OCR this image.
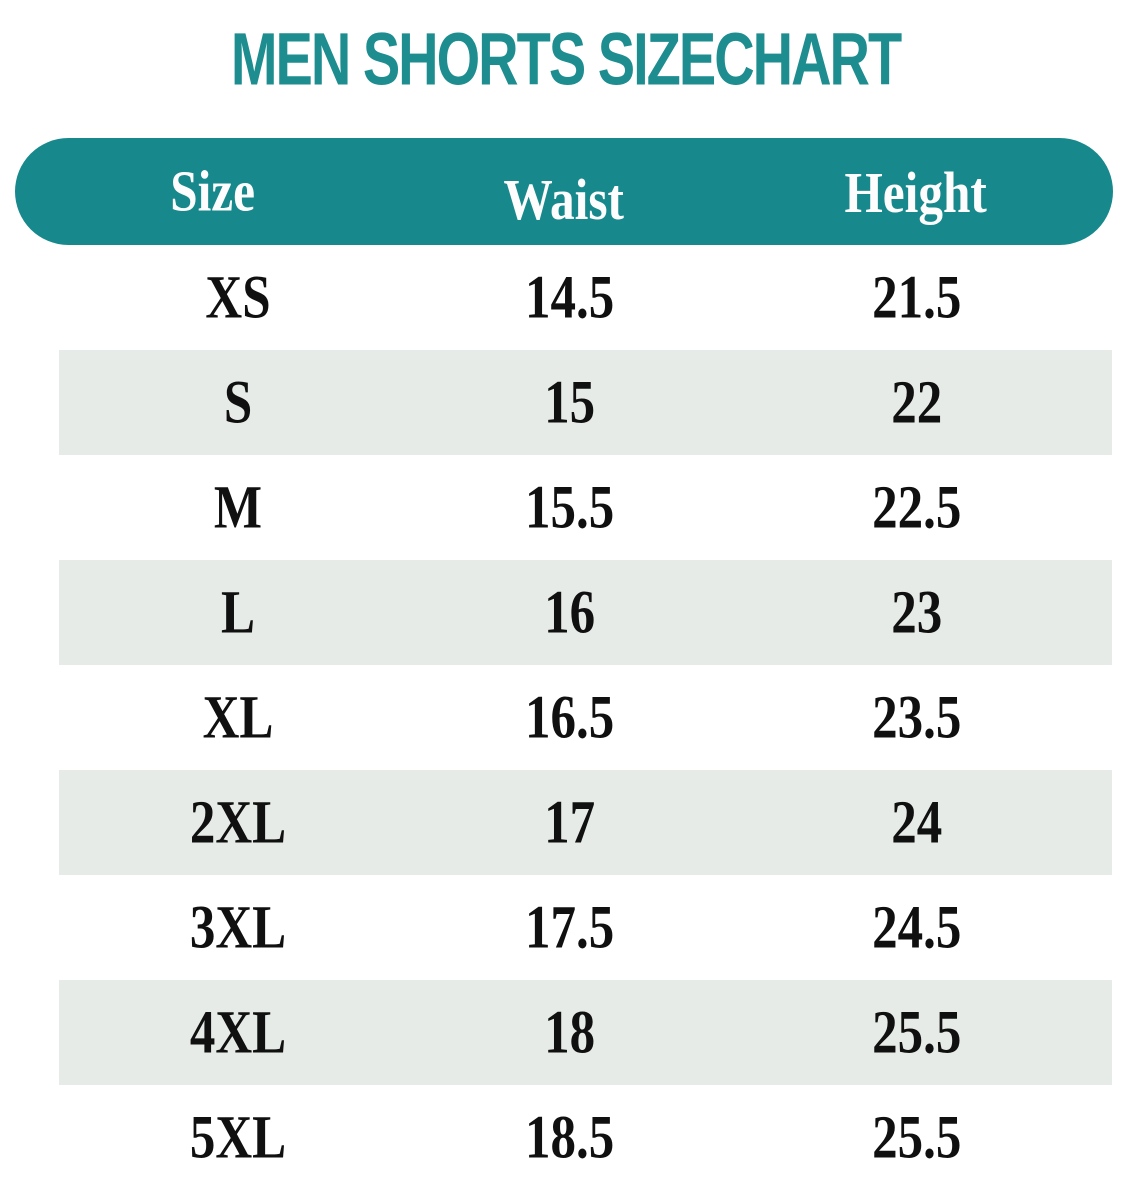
MEN SHORTS SIZECHART
Size	Waist	Height
XS	14.5	21.5
S	15	22
M	15.5	22.5
L	16	23
XL	16.5	23.5
2XL	17	24
3XL	17.5	24.5
4XL	18	25.5
5XL	18.5	25.5
